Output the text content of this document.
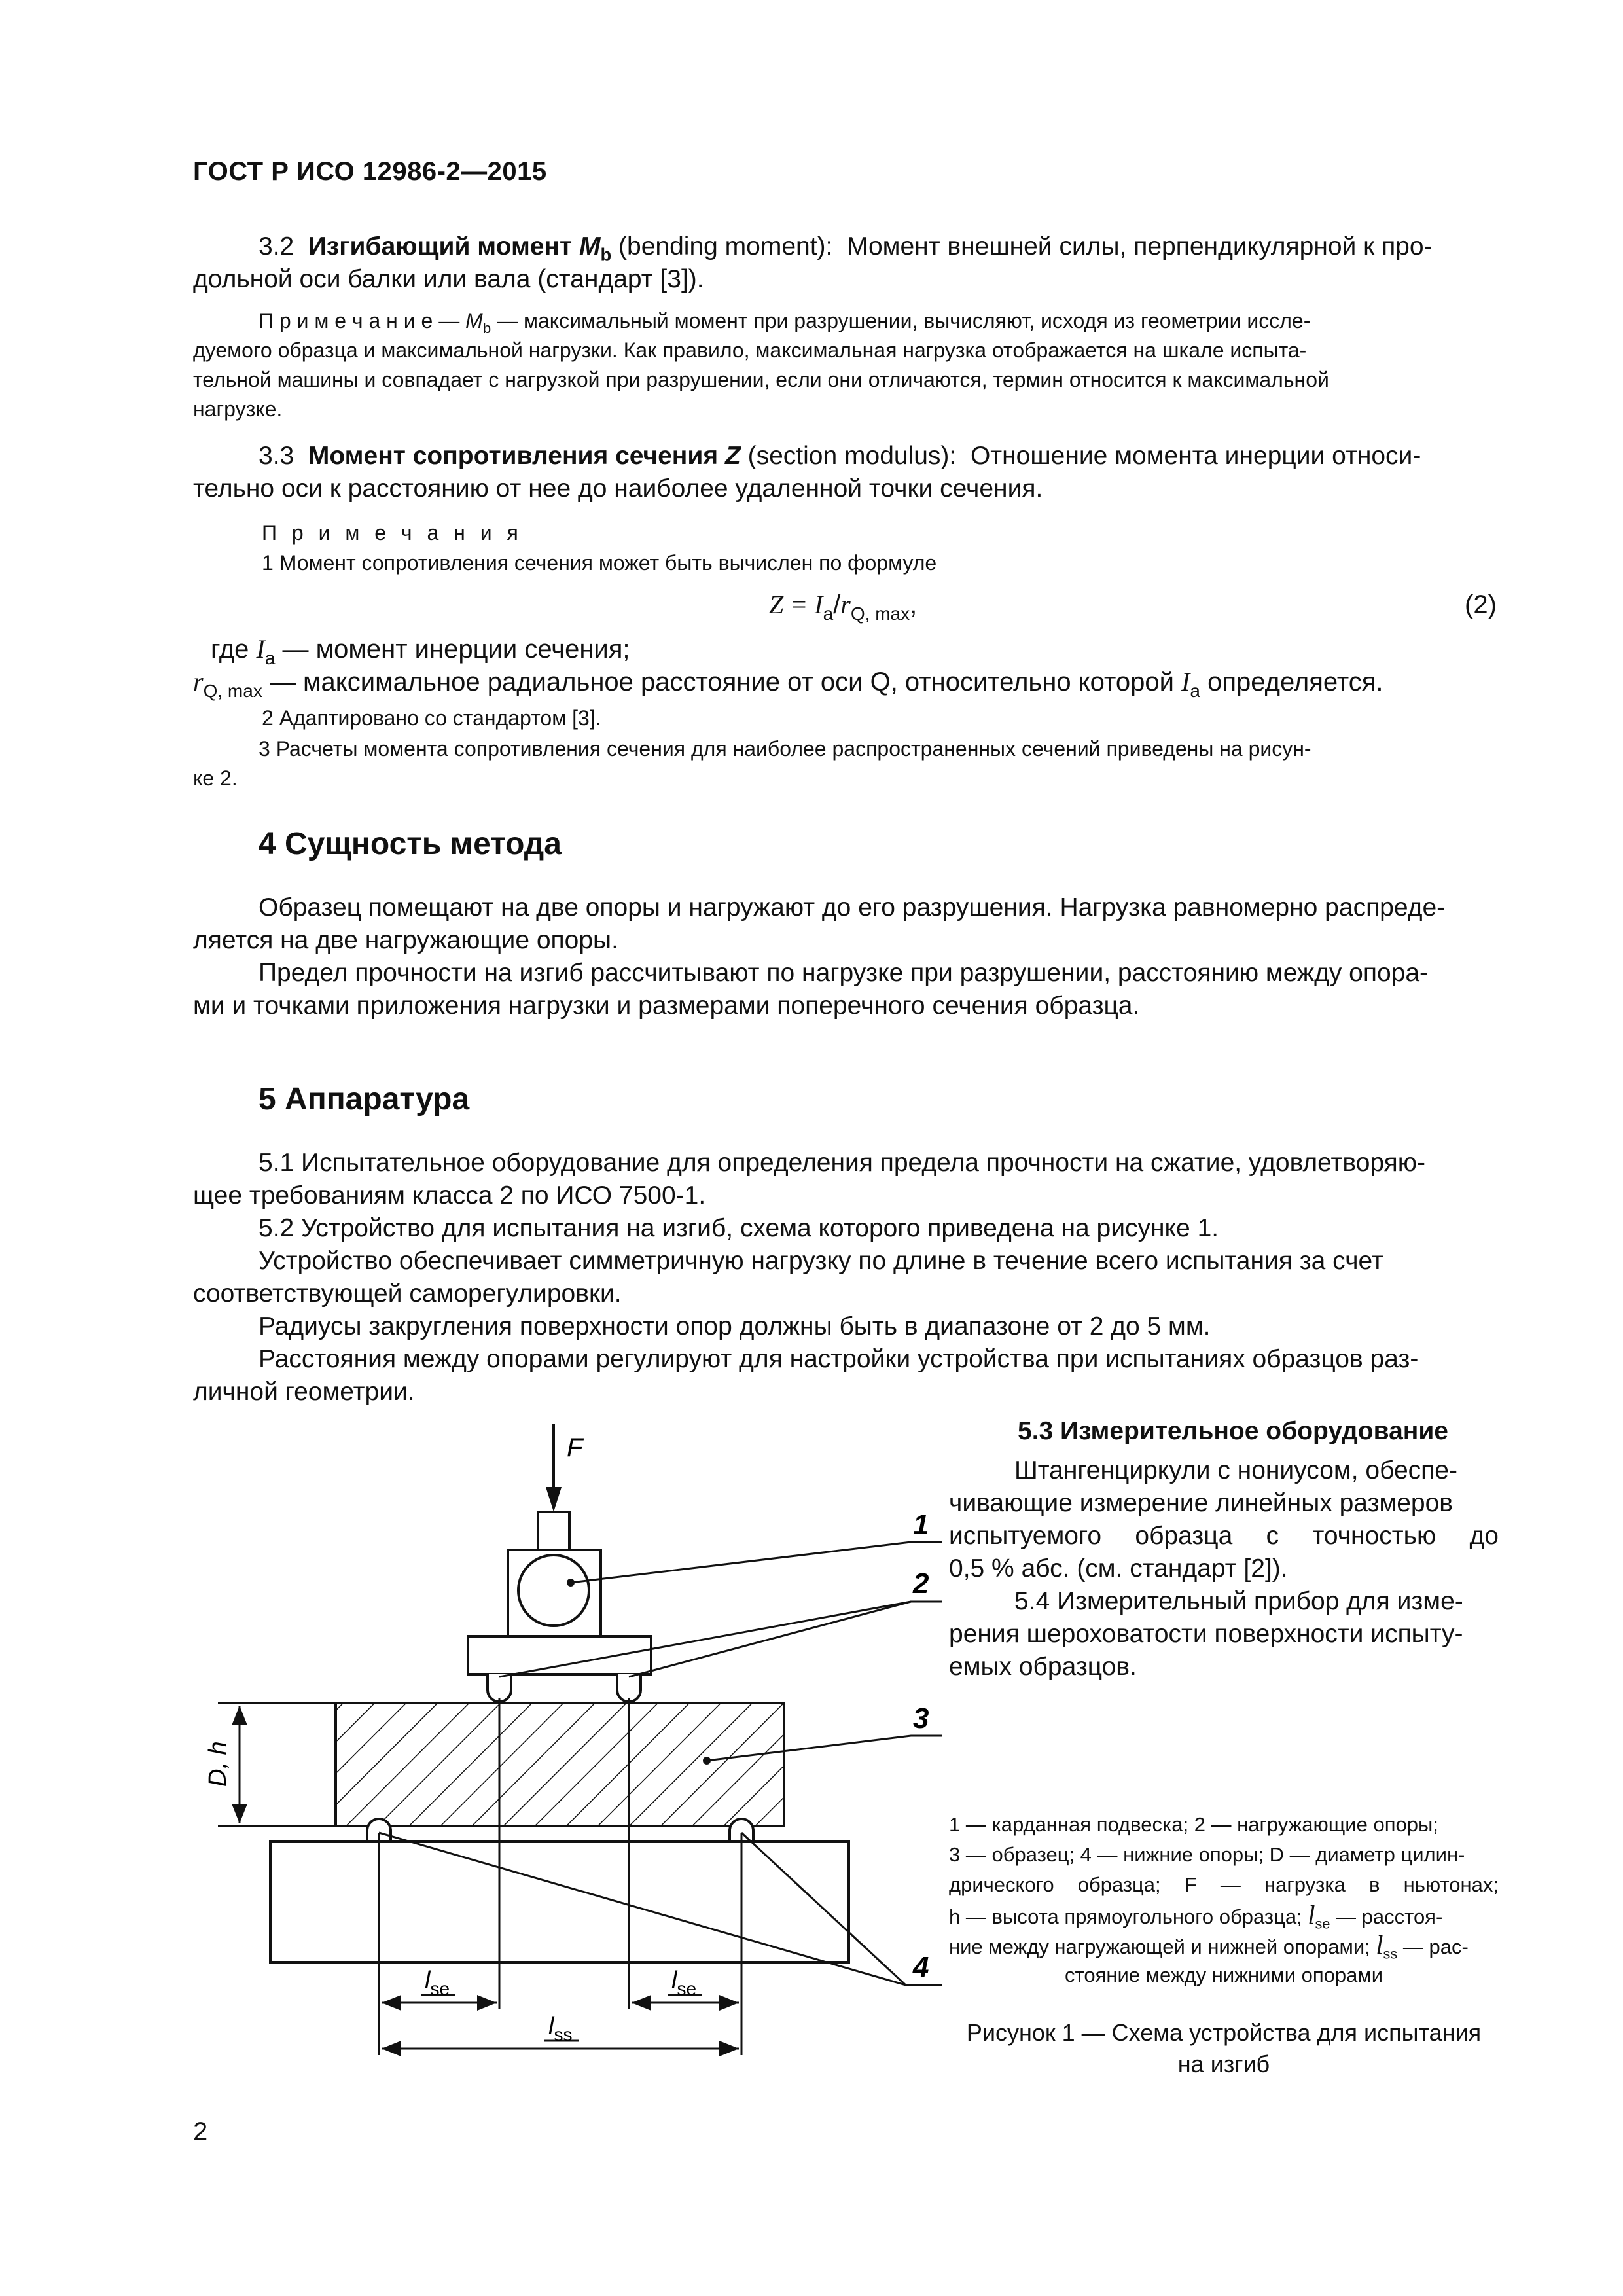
ГОСТ Р ИСО 12986-2—2015
3.2 Изгибающий момент $M_b$ (bending moment): Момент внешней силы, перпендикулярной к про-
дольной оси балки или вала (стандарт [3]).
П р и м е ч а н и е — $M_b$ — максимальный момент при разрушении, вычисляют, исходя из геометрии иссле-
дуемого образца и максимальной нагрузки. Как правило, максимальная нагрузка отображается на шкале испыта-
тельной машины и совпадает с нагрузкой при разрушении, если они отличаются, термин относится к максимальной
нагрузке.
3.3 Момент сопротивления сечения Z (section modulus): Отношение момента инерции относи-
тельно оси к расстоянию от нее до наиболее удаленной точки сечения.
П р и м е ч а н и я
1 Момент сопротивления сечения может быть вычислен по формуле
$Z = I_a/r_{Q, max}$,	(2)
где $I_a$ — момент инерции сечения;
$r_{Q, max}$ — максимальное радиальное расстояние от оси Q, относительно которой $I_a$ определяется.
2 Адаптировано со стандартом [3].
3 Расчеты момента сопротивления сечения для наиболее распространенных сечений приведены на рисун-
ке 2.
4 Сущность метода
Образец помещают на две опоры и нагружают до его разрушения. Нагрузка равномерно распреде-
ляется на две нагружающие опоры.
Предел прочности на изгиб рассчитывают по нагрузке при разрушении, расстоянию между опора-
ми и точками приложения нагрузки и размерами поперечного сечения образца.
5 Аппаратура
5.1 Испытательное оборудование для определения предела прочности на сжатие, удовлетворяю-
щее требованиям класса 2 по ИСО 7500-1.
5.2 Устройство для испытания на изгиб, схема которого приведена на рисунке 1.
Устройство обеспечивает симметричную нагрузку по длине в течение всего испытания за счет
соответствующей саморегулировки.
Радиусы закругления поверхности опор должны быть в диапазоне от 2 до 5 мм.
Расстояния между опорами регулируют для настройки устройства при испытаниях образцов раз-
личной геометрии.
5.3 Измерительное оборудование
Штангенциркули с нониусом, обеспе-
чивающие измерение линейных размеров
испытуемого образца с точностью до
0,5 % абс. (см. стандарт [2]).
5.4 Измерительный прибор для изме-
рения шероховатости поверхности испыту-
емых образцов.
F
D, h
$l_{se}$	$l_{se}$
$l_{ss}$
1
2
3
4
1 — карданная подвеска; 2 — нагружающие опоры;
3 — образец; 4 — нижние опоры; D — диаметр цилин-
дрического образца; F — нагрузка в ньютонах;
h — высота прямоугольного образца; $l_{se}$ — расстоя-
ние между нагружающей и нижней опорами; $l_{ss}$ — рас-
стояние между нижними опорами
Рисунок 1 — Схема устройства для испытания
на изгиб
2
